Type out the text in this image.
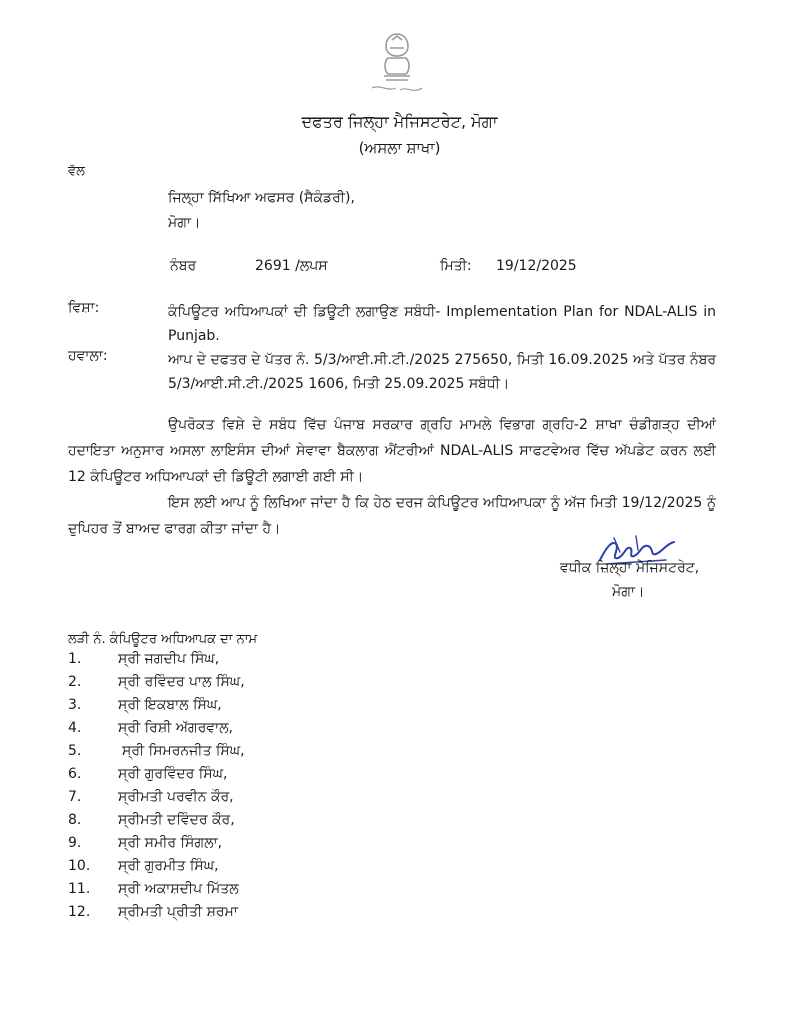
ਦਫਤਰ ਜਿਲ੍ਹਾ ਮੈਜਿਸਟਰੇਟ, ਮੋਗਾ
(ਅਸਲਾ ਸ਼ਾਖਾ)
ਵੱਲ
ਜਿਲ੍ਹਾ ਸਿੱਖਿਆ ਅਫਸਰ (ਸੈਕੰਡਰੀ),
ਮੋਗਾ।
ਨੰਬਰ	2691 /ਲਪਸ	ਮਿਤੀ: 19/12/2025
ਵਿਸ਼ਾ:	ਕੰਪਿਊਟਰ ਅਧਿਆਪਕਾਂ ਦੀ ਡਿਊਟੀ ਲਗਾਉਣ ਸਬੰਧੀ- Implementation Plan for NDAL-ALIS in Punjab.
ਹਵਾਲਾ:	ਆਪ ਦੇ ਦਫਤਰ ਦੇ ਪੱਤਰ ਨੰ. 5/3/ਆਈ.ਸੀ.ਟੀ./2025 275650, ਮਿਤੀ 16.09.2025 ਅਤੇ ਪੱਤਰ ਨੰਬਰ 5/3/ਆਈ.ਸੀ.ਟੀ./2025 1606, ਮਿਤੀ 25.09.2025 ਸਬੰਧੀ।
ਉਪਰੋਕਤ ਵਿਸ਼ੇ ਦੇ ਸਬੰਧ ਵਿੱਚ ਪੰਜਾਬ ਸਰਕਾਰ ਗ੍ਰਹਿ ਮਾਮਲੇ ਵਿਭਾਗ ਗ੍ਰਹਿ-2 ਸ਼ਾਖਾ ਚੰਡੀਗੜ੍ਹ ਦੀਆਂ ਹਦਾਇਤਾ ਅਨੁਸਾਰ ਅਸਲਾ ਲਾਇਸੰਸ ਦੀਆਂ ਸੇਵਾਵਾ ਬੈਕਲਾਗ ਐਂਟਰੀਆਂ NDAL-ALIS ਸਾਫਟਵੇਅਰ ਵਿੱਚ ਅੱਪਡੇਟ ਕਰਨ ਲਈ 12 ਕੰਪਿਊਟਰ ਅਧਿਆਪਕਾਂ ਦੀ ਡਿਊਟੀ ਲਗਾਈ ਗਈ ਸੀ।
ਇਸ ਲਈ ਆਪ ਨੂੰ ਲਿਖਿਆ ਜਾਂਦਾ ਹੈ ਕਿ ਹੇਠ ਦਰਜ ਕੰਪਿਊਟਰ ਅਧਿਆਪਕਾ ਨੂੰ ਅੱਜ ਮਿਤੀ 19/12/2025 ਨੂੰ ਦੁਪਿਹਰ ਤੋਂ ਬਾਅਦ ਫਾਰਗ ਕੀਤਾ ਜਾਂਦਾ ਹੈ।
ਵਧੀਕ ਜ਼ਿਲ੍ਹਾ ਮੈਜਿਸਟਰੇਟ,
ਮੋਗਾ।
ਲੜੀ ਨੰ. ਕੰਪਿਊਟਰ ਅਧਿਆਪਕ ਦਾ ਨਾਮ
1.	ਸ੍ਰੀ ਜਗਦੀਪ ਸਿੰਘ,
2.	ਸ੍ਰੀ ਰਵਿੰਦਰ ਪਾਲ ਸਿੰਘ,
3.	ਸ੍ਰੀ ਇਕਬਾਲ ਸਿੰਘ,
4.	ਸ੍ਰੀ ਰਿਸ਼ੀ ਅੱਗਰਵਾਲ,
5.	ਸ੍ਰੀ ਸਿਮਰਨਜੀਤ ਸਿੰਘ,
6.	ਸ੍ਰੀ ਗੁਰਵਿੰਦਰ ਸਿੰਘ,
7.	ਸ੍ਰੀਮਤੀ ਪਰਵੀਨ ਕੌਰ,
8.	ਸ੍ਰੀਮਤੀ ਦਵਿੰਦਰ ਕੌਰ,
9.	ਸ੍ਰੀ ਸਮੀਰ ਸਿੰਗਲਾ,
10. ਸ੍ਰੀ ਗੁਰਮੀਤ ਸਿੰਘ,
11. ਸ੍ਰੀ ਅਕਾਸ਼ਦੀਪ ਮਿੱਤਲ
12. ਸ੍ਰੀਮਤੀ ਪ੍ਰੀਤੀ ਸ਼ਰਮਾ
